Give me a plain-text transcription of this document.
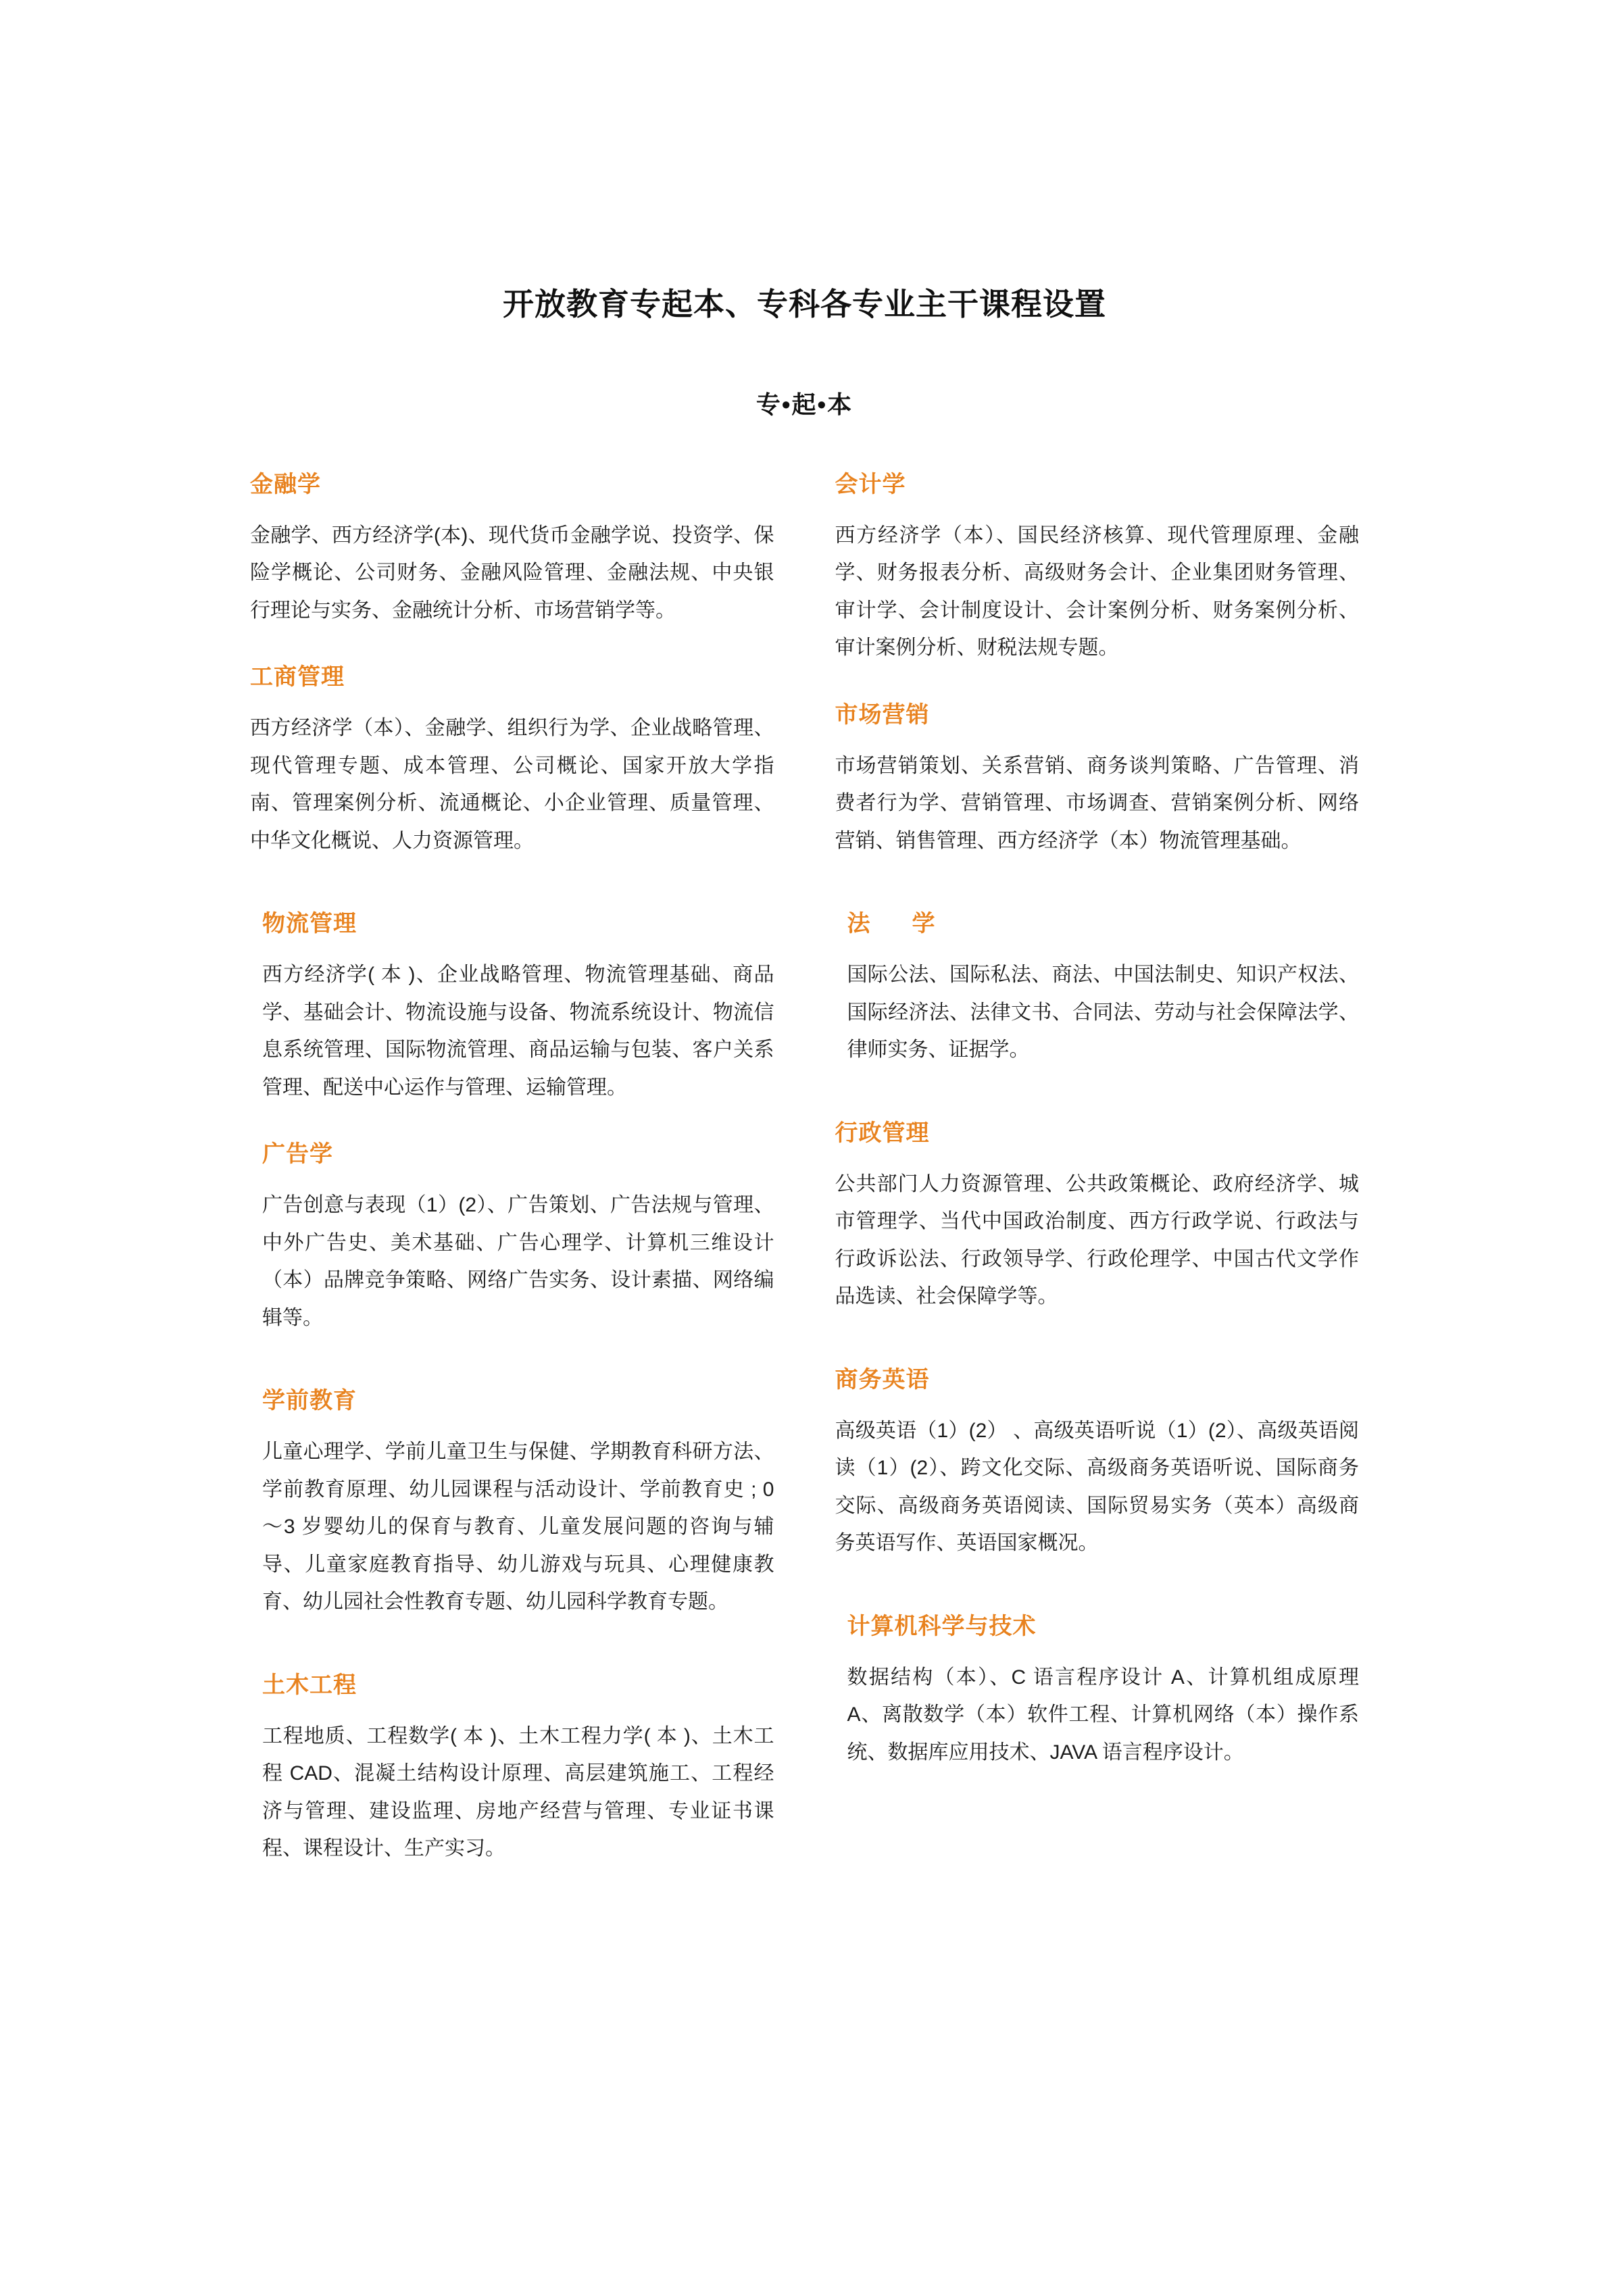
开放教育专起本、专科各专业主干课程设置
专•起•本

金融学

金融学、西方经济学(本)、现代货币金融学说、投资学、保险学概论、公司财务、金融风险管理、金融法规、中央银行理论与实务、金融统计分析、市场营销学等。

工商管理

西方经济学（本）、金融学、组织行为学、企业战略管理、现代管理专题、成本管理、公司概论、国家开放大学指南、管理案例分析、流通概论、小企业管理、质量管理、中华文化概说、人力资源管理。

物流管理

西方经济学( 本 )、企业战略管理、物流管理基础、商品学、基础会计、物流设施与设备、物流系统设计、物流信息系统管理、国际物流管理、商品运输与包装、客户关系管理、配送中心运作与管理、运输管理。

广告学

广告创意与表现（1）(2）、广告策划、广告法规与管理、中外广告史、美术基础、广告心理学、计算机三维设计（本）品牌竞争策略、网络广告实务、设计素描、网络编辑等。

学前教育

儿童心理学、学前儿童卫生与保健、学期教育科研方法、学前教育原理、幼儿园课程与活动设计、学前教育史 ; 0～3 岁婴幼儿的保育与教育、儿童发展问题的咨询与辅导、儿童家庭教育指导、幼儿游戏与玩具、心理健康教育、幼儿园社会性教育专题、幼儿园科学教育专题。

土木工程

工程地质、工程数学( 本 )、土木工程力学( 本 )、土木工程 CAD、混凝土结构设计原理、高层建筑施工、工程经济与管理、建设监理、房地产经营与管理、专业证书课程、课程设计、生产实习。

会计学

西方经济学（本）、国民经济核算、现代管理原理、金融学、财务报表分析、高级财务会计、企业集团财务管理、审计学、会计制度设计、会计案例分析、财务案例分析、审计案例分析、财税法规专题。

市场营销

市场营销策划、关系营销、商务谈判策略、广告管理、消费者行为学、营销管理、市场调查、营销案例分析、网络营销、销售管理、西方经济学（本）物流管理基础。

法　学

国际公法、国际私法、商法、中国法制史、知识产权法、国际经济法、法律文书、合同法、劳动与社会保障法学、律师实务、证据学。

行政管理

公共部门人力资源管理、公共政策概论、政府经济学、城市管理学、当代中国政治制度、西方行政学说、行政法与行政诉讼法、行政领导学、行政伦理学、中国古代文学作品选读、社会保障学等。

商务英语

高级英语（1）(2） 、高级英语听说（1）(2）、高级英语阅读（1）(2）、跨文化交际、高级商务英语听说、国际商务交际、高级商务英语阅读、国际贸易实务（英本）高级商务英语写作、英语国家概况。

计算机科学与技术

数据结构（本）、C 语言程序设计 A、计算机组成原理 A、离散数学（本）软件工程、计算机网络（本）操作系统、数据库应用技术、JAVA 语言程序设计。
